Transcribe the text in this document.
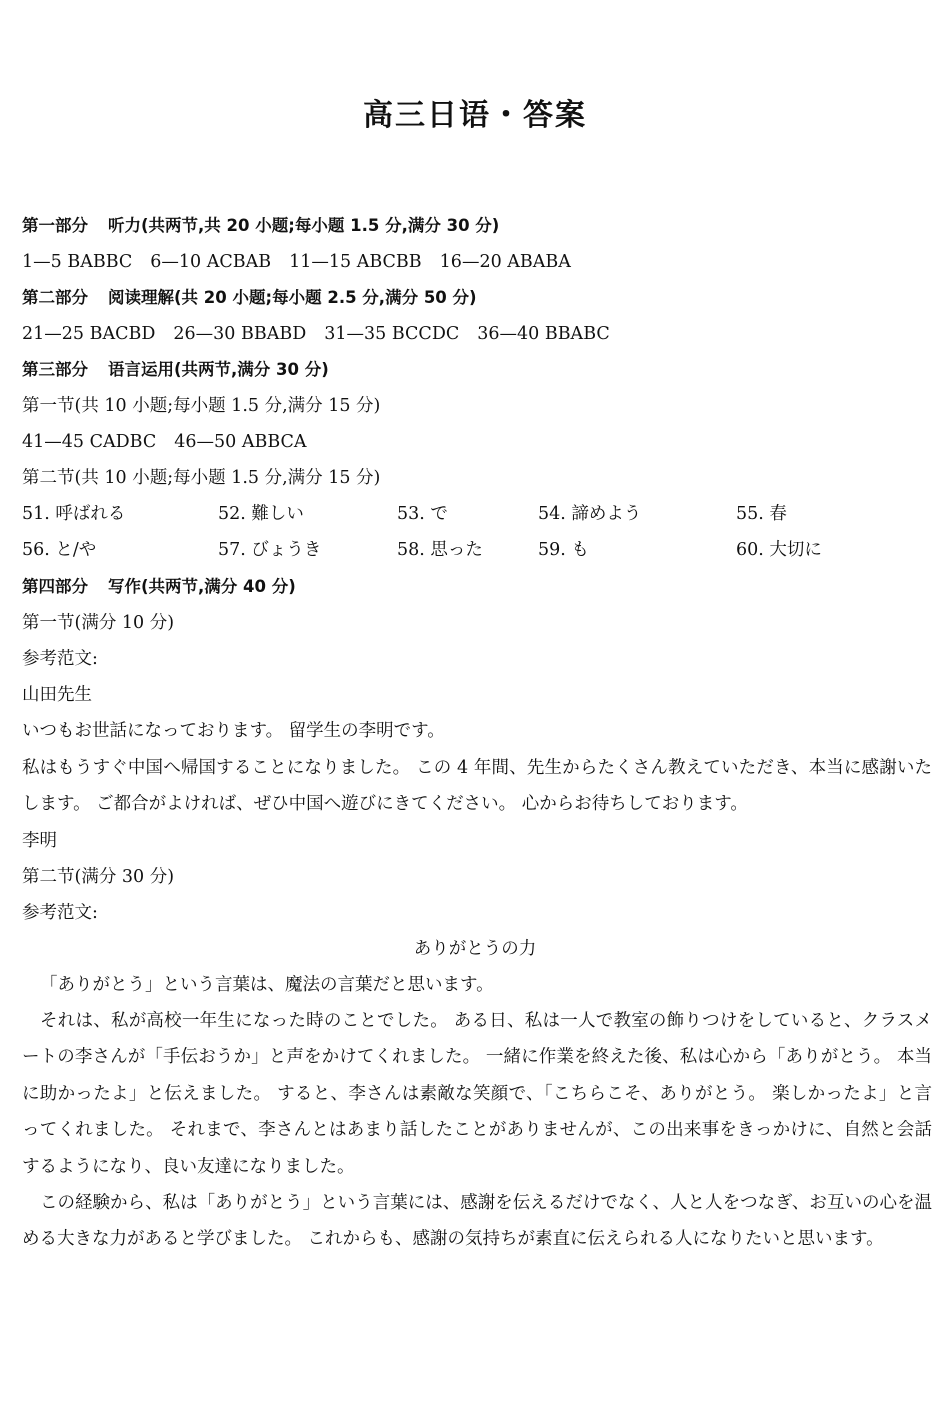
高三日语・答案
第一部分 听力(共两节,共 20 小题;每小题 1.5 分,满分 30 分)
1—5 BABBC 6—10 ACBAB 11—15 ABCBB 16—20 ABABA
第二部分 阅读理解(共 20 小题;每小题 2.5 分,满分 50 分)
21—25 BACBD 26—30 BBABD 31—35 BCCDC 36—40 BBABC
第三部分 语言运用(共两节,满分 30 分)
第一节(共 10 小题;每小题 1.5 分,满分 15 分)
41—45 CADBC 46—50 ABBCA
第二节(共 10 小题;每小题 1.5 分,满分 15 分)
51. 呼ばれる	52. 難しい	53. で	54. 諦めよう	55. 春
56. と/や	57. びょうき	58. 思った	59. も	60. 大切に
第四部分 写作(共两节,满分 40 分)
第一节(满分 10 分)
参考范文:
山田先生
いつもお世話になっております。 留学生の李明です。
私はもうすぐ中国へ帰国することになりました。 この 4 年間、先生からたくさん教えていただき、本当に感謝いたします。 ご都合がよければ、ぜひ中国へ遊びにきてください。 心からお待ちしております。
李明
第二节(满分 30 分)
参考范文:
ありがとうの力
「ありがとう」という言葉は、魔法の言葉だと思います。
それは、私が高校一年生になった時のことでした。 ある日、私は一人で教室の飾りつけをしていると、クラスメートの李さんが「手伝おうか」と声をかけてくれました。 一緒に作業を終えた後、私は心から「ありがとう。 本当に助かったよ」と伝えました。 すると、李さんは素敵な笑顔で、「こちらこそ、ありがとう。 楽しかったよ」と言ってくれました。 それまで、李さんとはあまり話したことがありませんが、この出来事をきっかけに、自然と会話するようになり、良い友達になりました。
この経験から、私は「ありがとう」という言葉には、感謝を伝えるだけでなく、人と人をつなぎ、お互いの心を温める大きな力があると学びました。 これからも、感謝の気持ちが素直に伝えられる人になりたいと思います。
